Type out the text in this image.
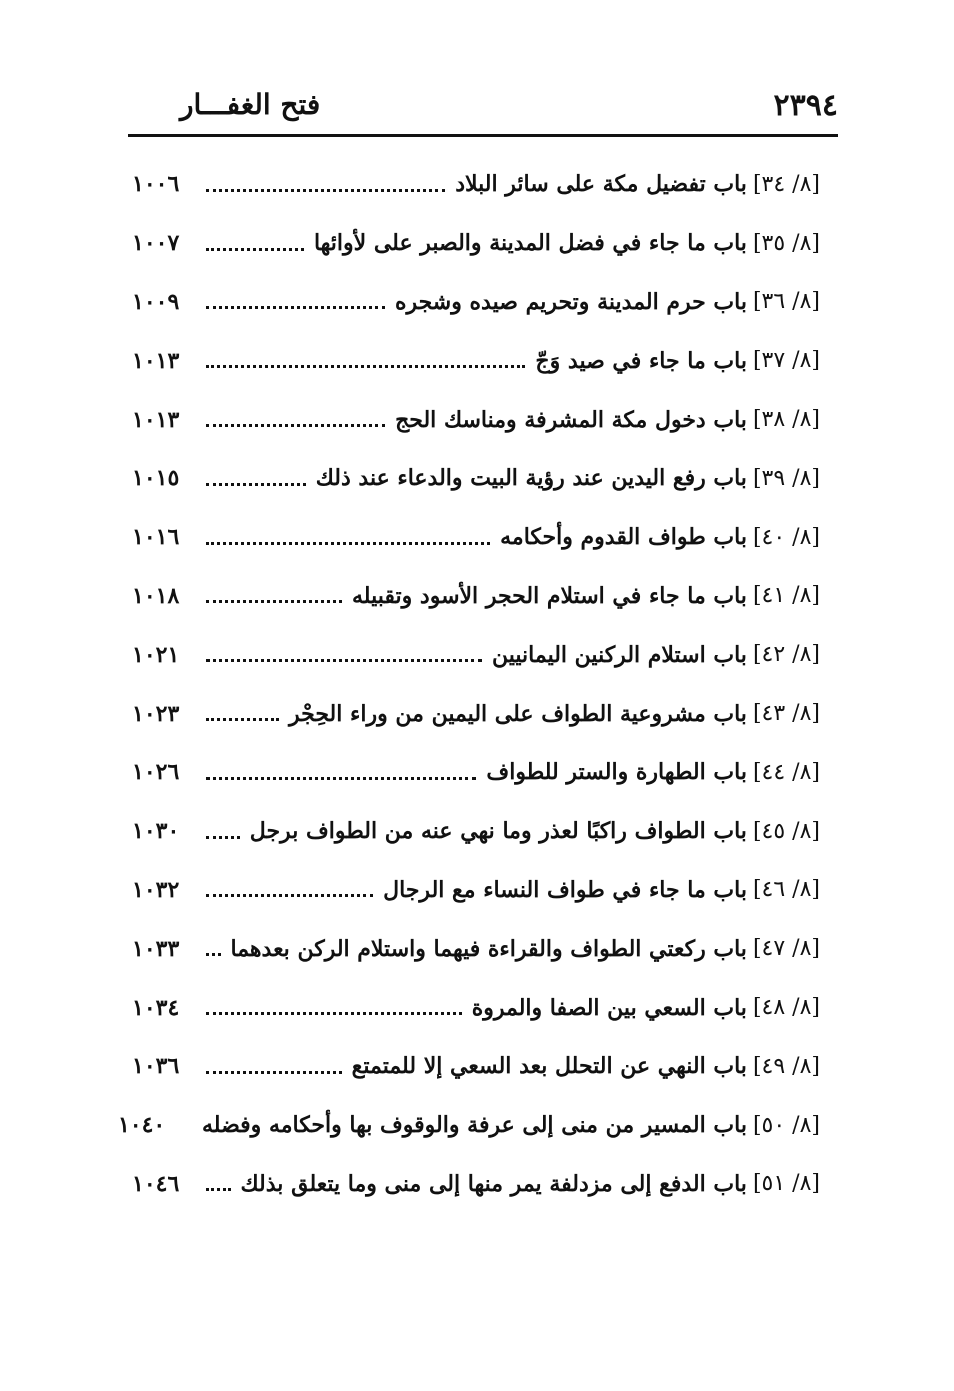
٢٣٩٤
فتح الغفـــار
[٨/ ٣٤]
باب تفضيل مكة على سائر البلاد
١٠٠٦
[٨/ ٣٥]
باب ما جاء في فضل المدينة والصبر على لأوائها
١٠٠٧
[٨/ ٣٦]
باب حرم المدينة وتحريم صيده وشجره
١٠٠٩
[٨/ ٣٧]
باب ما جاء في صيد وَجّ
١٠١٣
[٨/ ٣٨]
باب دخول مكة المشرفة ومناسك الحج
١٠١٣
[٨/ ٣٩]
باب رفع اليدين عند رؤية البيت والدعاء عند ذلك
١٠١٥
[٨/ ٤٠]
باب طواف القدوم وأحكامه
١٠١٦
[٨/ ٤١]
باب ما جاء في استلام الحجر الأسود وتقبيله
١٠١٨
[٨/ ٤٢]
باب استلام الركنين اليمانيين
١٠٢١
[٨/ ٤٣]
باب مشروعية الطواف على اليمين من وراء الحِجْر
١٠٢٣
[٨/ ٤٤]
باب الطهارة والستر للطواف
١٠٢٦
[٨/ ٤٥]
باب الطواف راكبًا لعذر وما نهي عنه من الطواف برجل
١٠٣٠
[٨/ ٤٦]
باب ما جاء في طواف النساء مع الرجال
١٠٣٢
[٨/ ٤٧]
باب ركعتي الطواف والقراءة فيهما واستلام الركن بعدهما
١٠٣٣
[٨/ ٤٨]
باب السعي بين الصفا والمروة
١٠٣٤
[٨/ ٤٩]
باب النهي عن التحلل بعد السعي إلا للمتمتع
١٠٣٦
[٨/ ٥٠]
باب المسير من منى إلى عرفة والوقوف بها وأحكامه وفضله
١٠٤٠
[٨/ ٥١]
باب الدفع إلى مزدلفة يمر منها إلى منى وما يتعلق بذلك
١٠٤٦
